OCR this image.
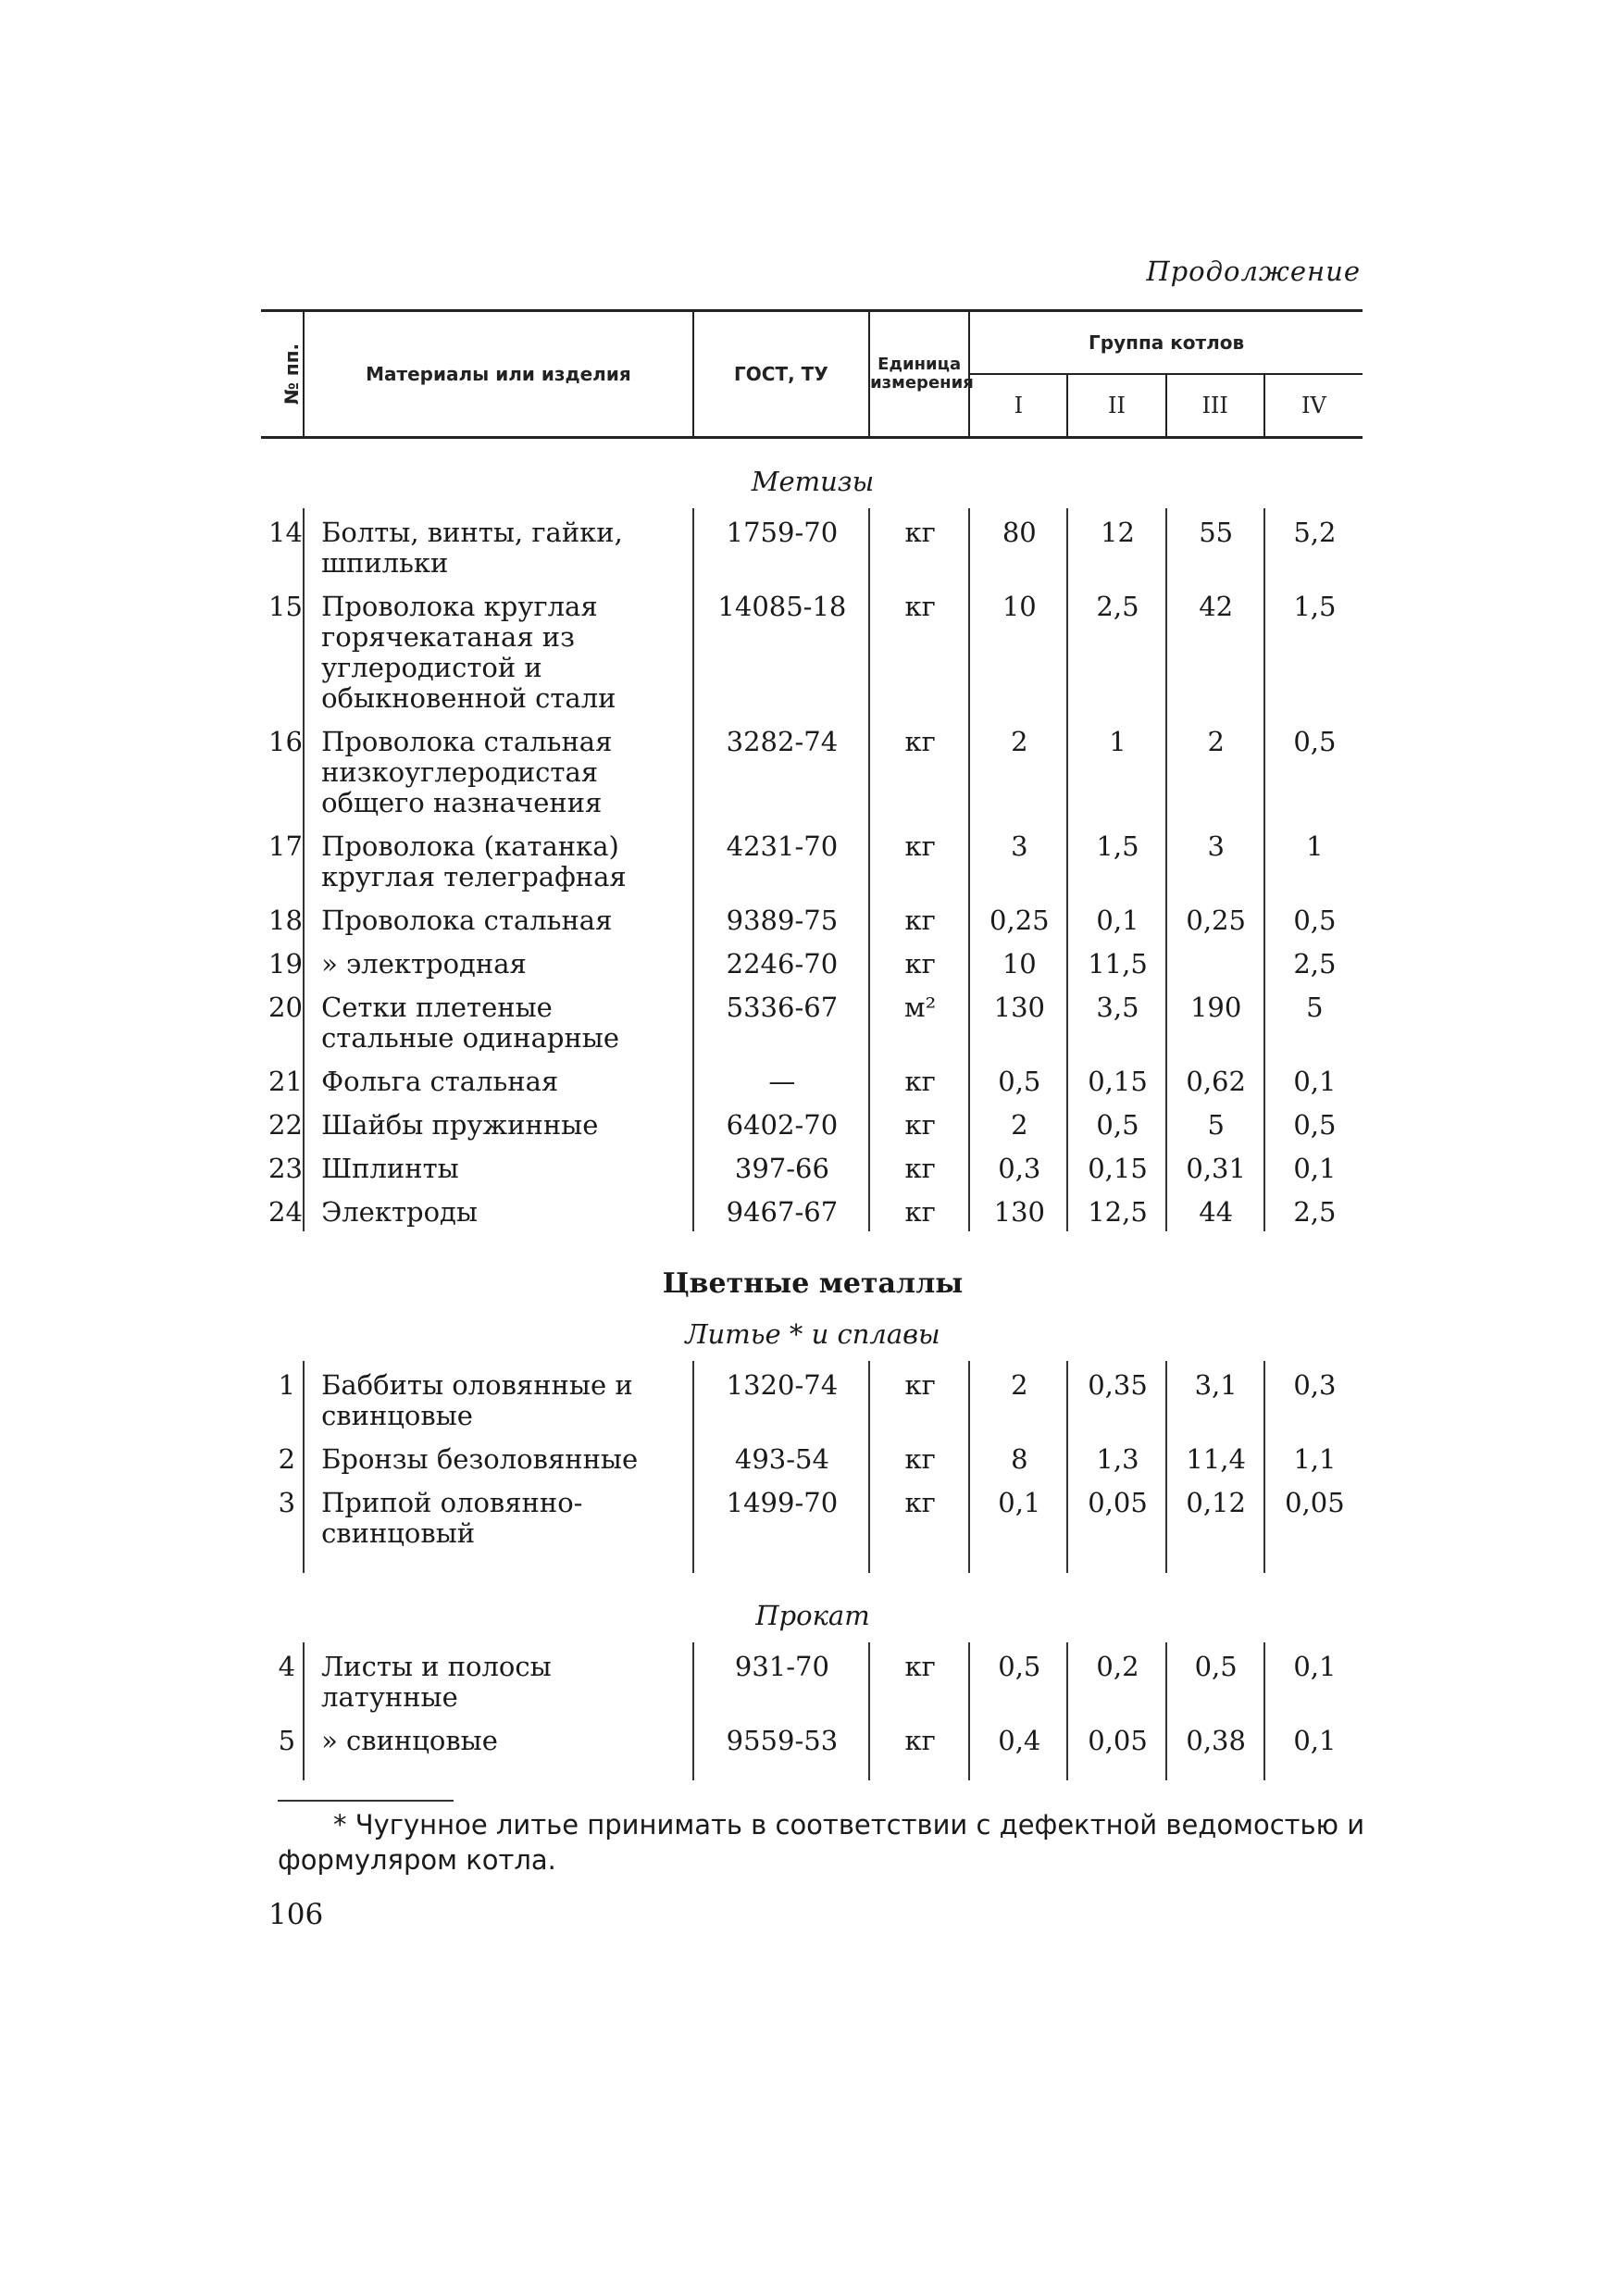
Продолжение
№ пп.	Материалы или изделия	ГОСТ, ТУ	Единица измерения	Группа котлов			
				I	II	III	IV
Метизы							
14	Болты, винты, гайки, шпильки	1759-70	кг	80	12	55	5,2
15	Проволока круглая горячекатаная из углеродистой и обыкновенной стали	14085-18	кг	10	2,5	42	1,5
16	Проволока стальная низкоуглеродистая общего назначения	3282-74	кг	2	1	2	0,5
17	Проволока (катанка) круглая телеграфная	4231-70	кг	3	1,5	3	1
18	Проволока стальная	9389-75	кг	0,25	0,1	0,25	0,5
19	» электродная	2246-70	кг	10	11,5		2,5
20	Сетки плетеные стальные одинарные	5336-67	м²	130	3,5	190	5
21	Фольга стальная	—	кг	0,5	0,15	0,62	0,1
22	Шайбы пружинные	6402-70	кг	2	0,5	5	0,5
23	Шплинты	397-66	кг	0,3	0,15	0,31	0,1
24	Электроды	9467-67	кг	130	12,5	44	2,5
Цветные металлы							
Литье * и сплавы							
1	Баббиты оловянные и свинцовые	1320-74	кг	2	0,35	3,1	0,3
2	Бронзы безоловянные	493-54	кг	8	1,3	11,4	1,1
3	Припой оловянно-свинцовый	1499-70	кг	0,1	0,05	0,12	0,05

Прокат							
4	Листы и полосы латунные	931-70	кг	0,5	0,2	0,5	0,1
5	» свинцовые	9559-53	кг	0,4	0,05	0,38	0,1

* Чугунное литье принимать в соответствии с дефектной ведомостью и формуляром котла.
106
